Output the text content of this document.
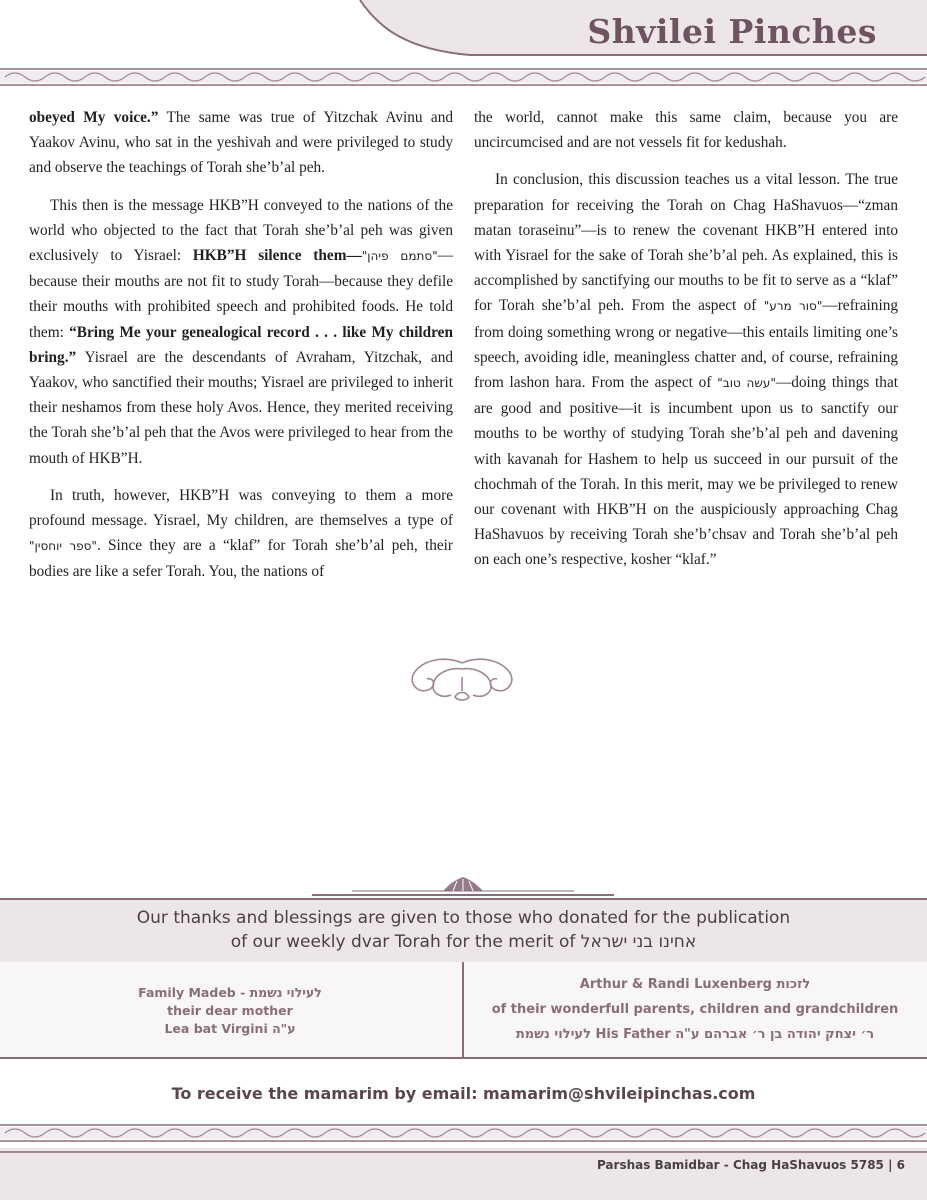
Shvilei Pinches

obeyed My voice.” The same was true of Yitzchak Avinu and Yaakov Avinu, who sat in the yeshivah and were privileged to study and observe the teachings of Torah she’b’al peh.

This then is the message HKB”H conveyed to the nations of the world who objected to the fact that Torah she’b’al peh was given exclusively to Yisrael: HKB”H silence them—"סתמם פיהן"—because their mouths are not fit to study Torah—because they defile their mouths with prohibited speech and prohibited foods. He told them: “Bring Me your genealogical record . . . like My children bring.” Yisrael are the descendants of Avraham, Yitzchak, and Yaakov, who sanctified their mouths; Yisrael are privileged to inherit their neshamos from these holy Avos. Hence, they merited receiving the Torah she’b’al peh that the Avos were privileged to hear from the mouth of HKB”H.

In truth, however, HKB”H was conveying to them a more profound message. Yisrael, My children, are themselves a type of "ספר יוחסין". Since they are a “klaf” for Torah she’b’al peh, their bodies are like a sefer Torah. You, the nations of

the world, cannot make this same claim, because you are uncircumcised and are not vessels fit for kedushah.

In conclusion, this discussion teaches us a vital lesson. The true preparation for receiving the Torah on Chag HaShavuos—“zman matan toraseinu”—is to renew the covenant HKB”H entered into with Yisrael for the sake of Torah she’b’al peh. As explained, this is accomplished by sanctifying our mouths to be fit to serve as a “klaf” for Torah she’b’al peh. From the aspect of "סור מרע"—refraining from doing something wrong or negative—this entails limiting one’s speech, avoiding idle, meaningless chatter and, of course, refraining from lashon hara. From the aspect of "עשה טוב"—doing things that are good and positive—it is incumbent upon us to sanctify our mouths to be worthy of studying Torah she’b’al peh and davening with kavanah for Hashem to help us succeed in our pursuit of the chochmah of the Torah. In this merit, may we be privileged to renew our covenant with HKB”H on the auspiciously approaching Chag HaShavuos by receiving Torah she’b’chsav and Torah she’b’al peh on each one’s respective, kosher “klaf.”

Our thanks and blessings are given to those who donated for the publication
of our weekly dvar Torah for the merit of אחינו בני ישראל
Family Madeb - לעילוי נשמת
their dear mother
Lea bat Virgini ע"ה
Arthur & Randi Luxenberg לזכות
of their wonderfull parents, children and grandchildren
לעילוי נשמת His Father ר׳ יצחק יהודה בן ר׳ אברהם ע"ה
To receive the mamarim by email: mamarim@shvileipinchas.com
Parshas Bamidbar - Chag HaShavuos 5785 | 6
